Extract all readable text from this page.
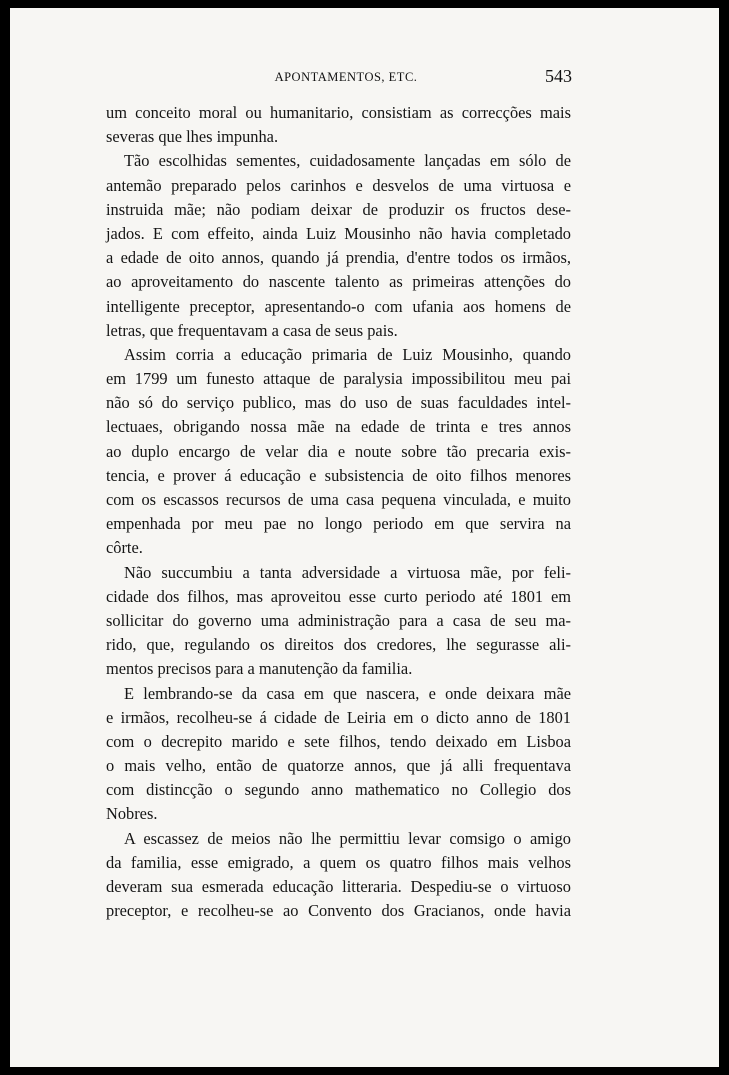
APONTAMENTOS, ETC.	543
um conceito moral ou humanitario, consistiam as correcções mais
severas que lhes impunha.
Tão escolhidas sementes, cuidadosamente lançadas em sólo de
antemão preparado pelos carinhos e desvelos de uma virtuosa e
instruida mãe; não podiam deixar de produzir os fructos dese-
jados. E com effeito, ainda Luiz Mousinho não havia completado
a edade de oito annos, quando já prendia, d'entre todos os irmãos,
ao aproveitamento do nascente talento as primeiras attenções do
intelligente preceptor, apresentando-o com ufania aos homens de
letras, que frequentavam a casa de seus pais.
Assim corria a educação primaria de Luiz Mousinho, quando
em 1799 um funesto attaque de paralysia impossibilitou meu pai
não só do serviço publico, mas do uso de suas faculdades intel-
lectuaes, obrigando nossa mãe na edade de trinta e tres annos
ao duplo encargo de velar dia e noute sobre tão precaria exis-
tencia, e prover á educação e subsistencia de oito filhos menores
com os escassos recursos de uma casa pequena vinculada, e muito
empenhada por meu pae no longo periodo em que servira na
côrte.
Não succumbiu a tanta adversidade a virtuosa mãe, por feli-
cidade dos filhos, mas aproveitou esse curto periodo até 1801 em
sollicitar do governo uma administração para a casa de seu ma-
rido, que, regulando os direitos dos credores, lhe segurasse ali-
mentos precisos para a manutenção da familia.
E lembrando-se da casa em que nascera, e onde deixara mãe
e irmãos, recolheu-se á cidade de Leiria em o dicto anno de 1801
com o decrepito marido e sete filhos, tendo deixado em Lisboa
o mais velho, então de quatorze annos, que já alli frequentava
com distincção o segundo anno mathematico no Collegio dos
Nobres.
A escassez de meios não lhe permittiu levar comsigo o amigo
da familia, esse emigrado, a quem os quatro filhos mais velhos
deveram sua esmerada educação litteraria. Despediu-se o virtuoso
preceptor, e recolheu-se ao Convento dos Gracianos, onde havia
